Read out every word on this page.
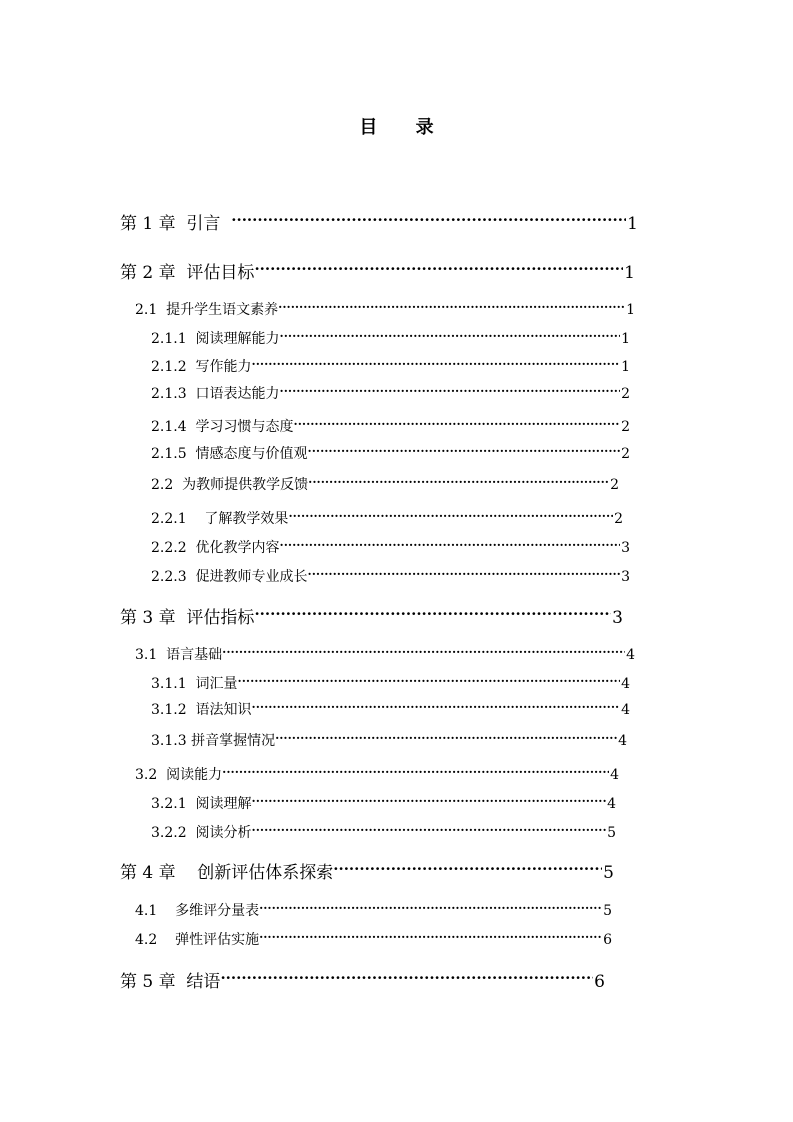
目 录
第 1 章  引言 ·····	1
第 2 章  评估目标 ·····	1
2.1  提升学生语文素养 ·····	1
2.1.1  阅读理解能力 ·····	1
2.1.2  写作能力 ·····	1
2.1.3  口语表达能力 ·····	2
2.1.4  学习习惯与态度 ·····	2
2.1.5  情感态度与价值观 ·····	2
2.2  为教师提供教学反馈 ·····	2
2.2.1    了解教学效果 ·····	2
2.2.2  优化教学内容 ·····	3
2.2.3  促进教师专业成长 ·····	3
第 3 章  评估指标 ·····	3
3.1  语言基础 ·····	4
3.1.1  词汇量 ·····	4
3.1.2  语法知识 ·····	4
3.1.3 拼音掌握情况 ·····	4
3.2  阅读能力 ·····	4
3.2.1  阅读理解 ·····	4
3.2.2  阅读分析 ·····	5
第 4 章    创新评估体系探索 ·····	5
4.1    多维评分量表 ·····	5
4.2    弹性评估实施 ·····	6
第 5 章  结语 ·····	6
